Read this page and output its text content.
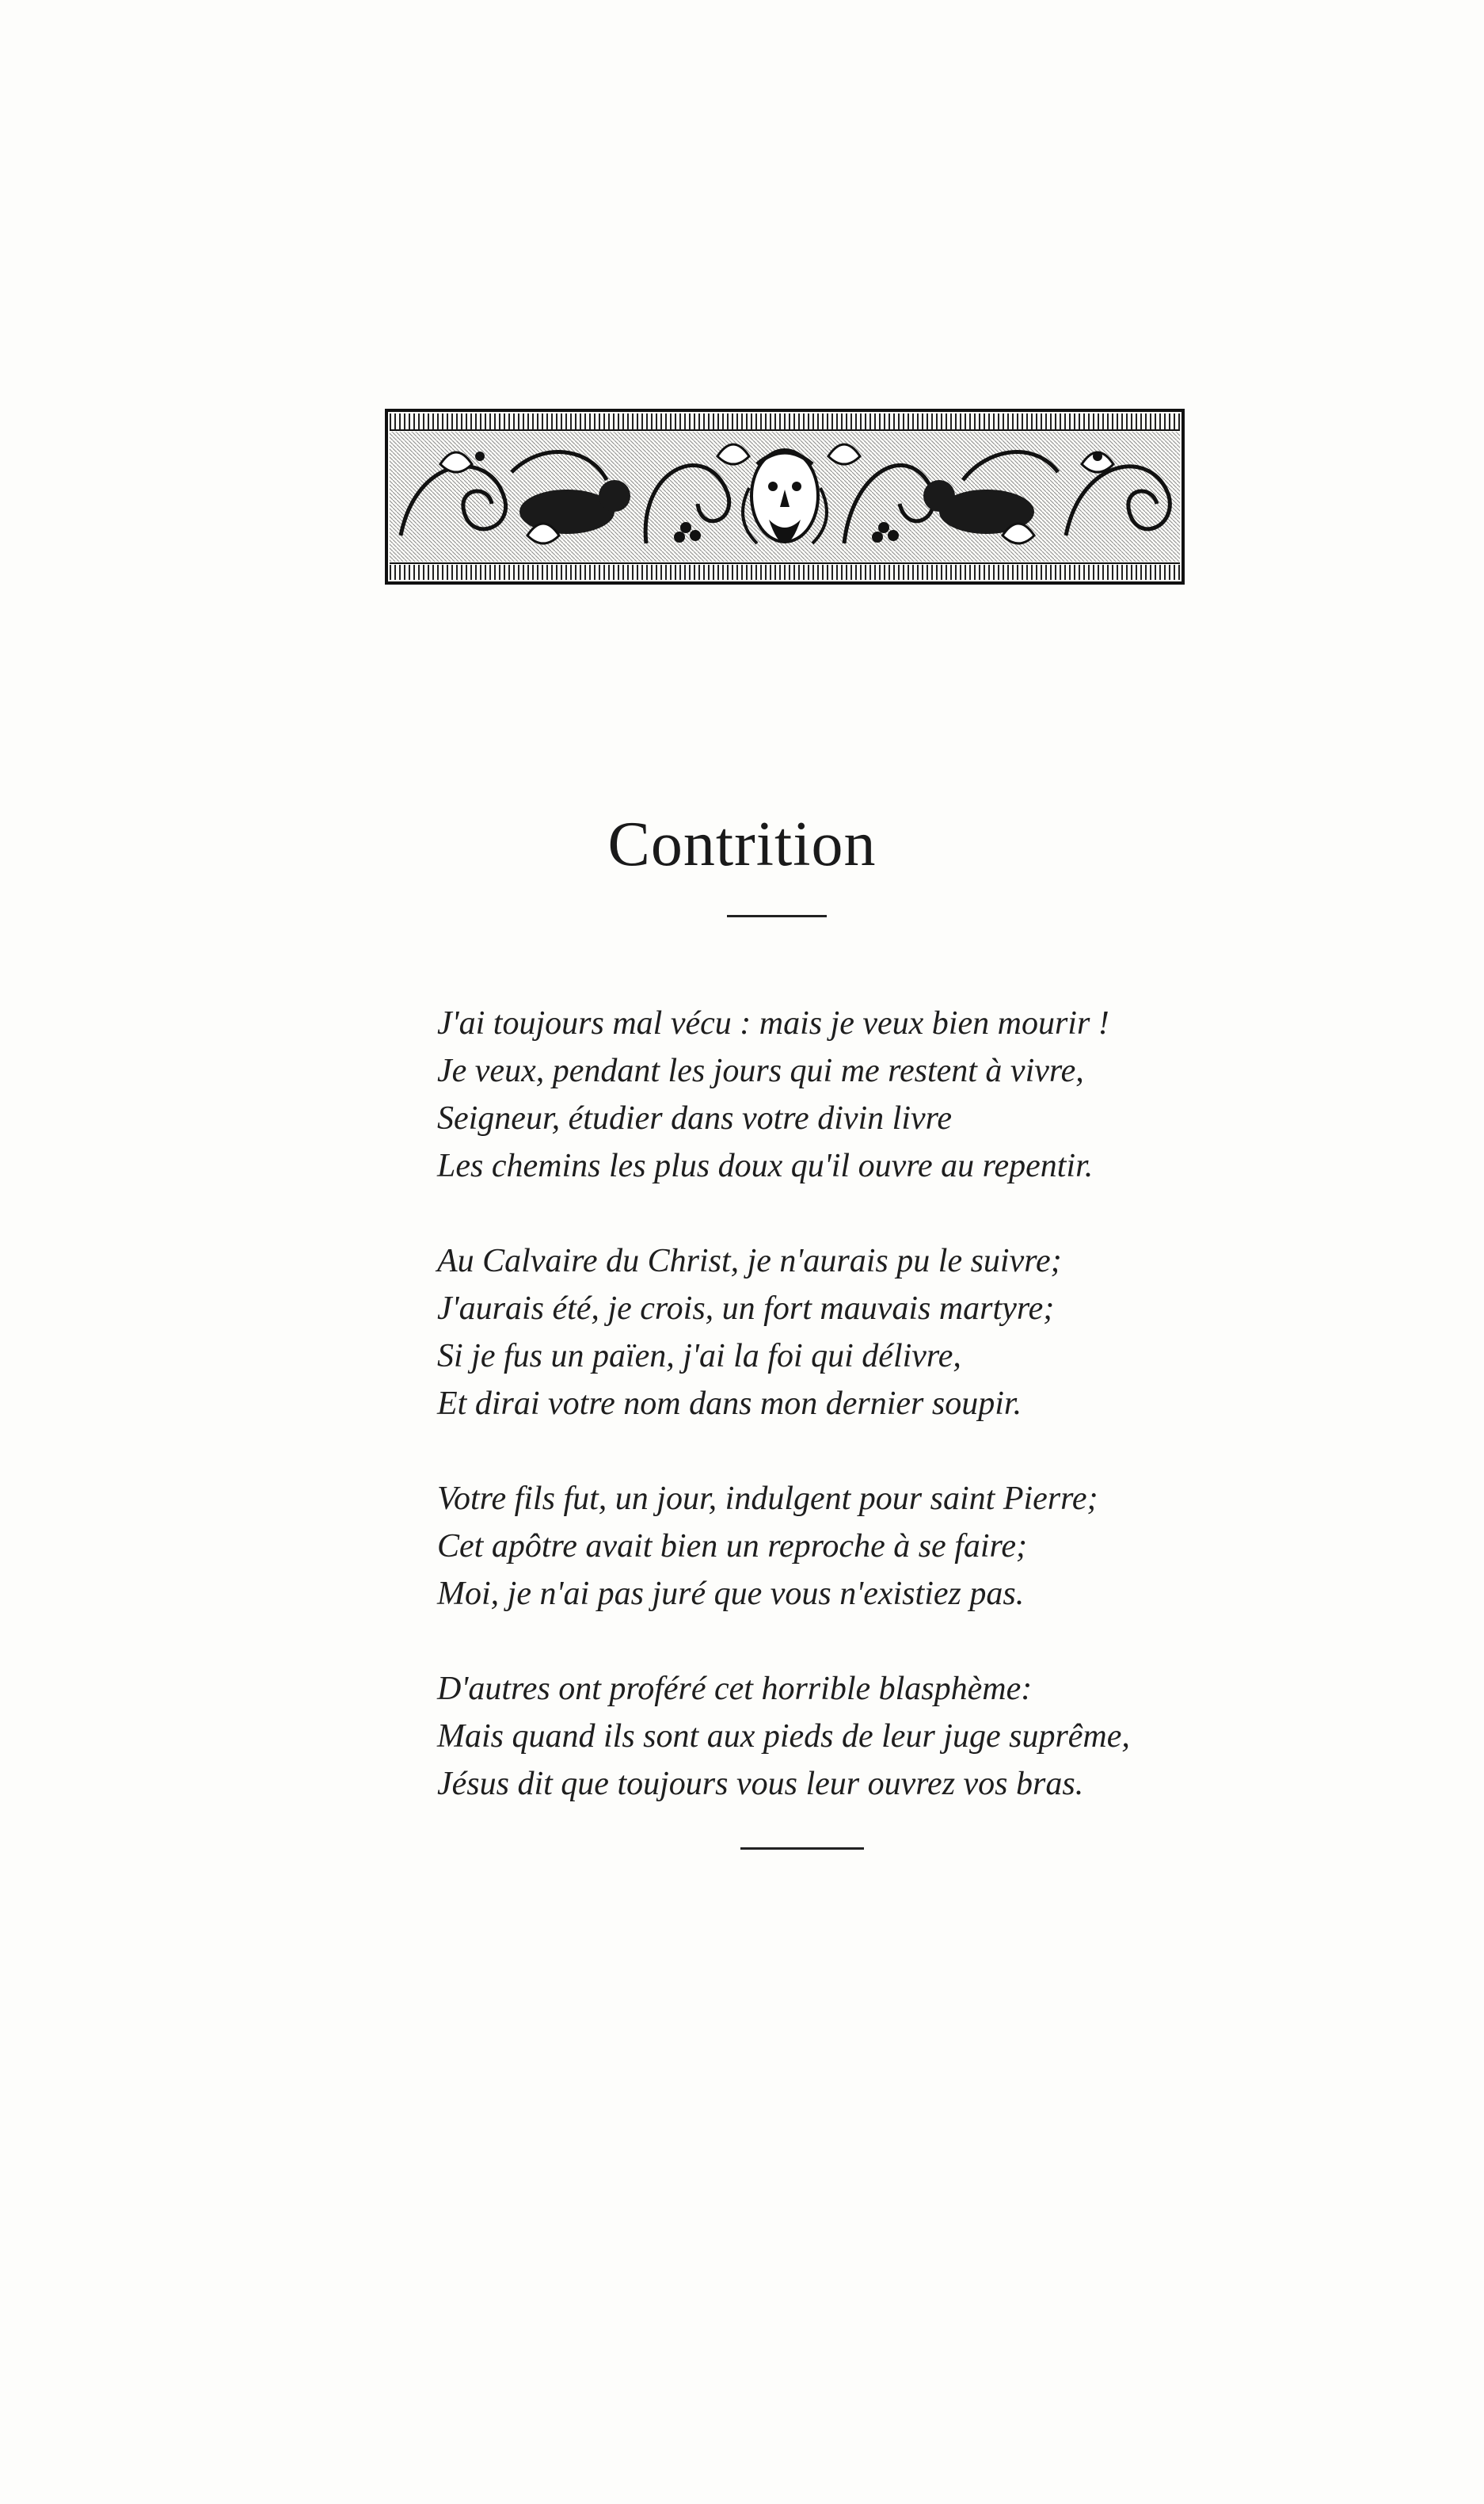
Contrition
J'ai toujours mal vécu : mais je veux bien mourir !
Je veux, pendant les jours qui me restent à vivre,
Seigneur, étudier dans votre divin livre
Les chemins les plus doux qu'il ouvre au repentir.
Au Calvaire du Christ, je n'aurais pu le suivre;
J'aurais été, je crois, un fort mauvais martyre;
Si je fus un païen, j'ai la foi qui délivre,
Et dirai votre nom dans mon dernier soupir.
Votre fils fut, un jour, indulgent pour saint Pierre;
Cet apôtre avait bien un reproche à se faire;
Moi, je n'ai pas juré que vous n'existiez pas.
D'autres ont proféré cet horrible blasphème:
Mais quand ils sont aux pieds de leur juge suprême,
Jésus dit que toujours vous leur ouvrez vos bras.
